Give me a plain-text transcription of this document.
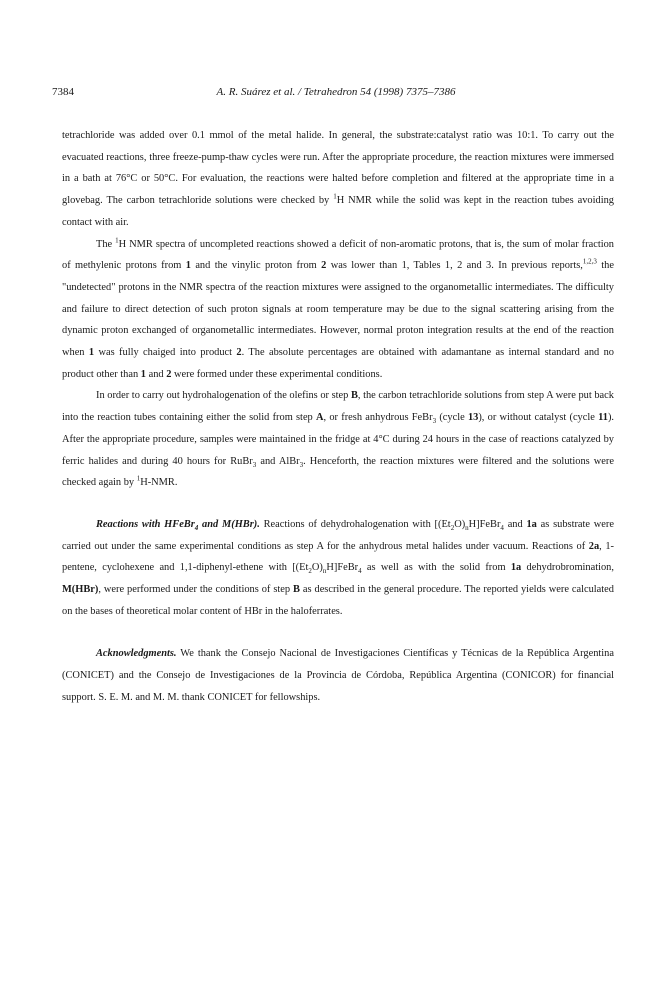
7384	A. R. Suárez et al. / Tetrahedron 54 (1998) 7375–7386

tetrachloride was added over 0.1 mmol of the metal halide. In general, the substrate:catalyst ratio was 10:1. To carry out the evacuated reactions, three freeze-pump-thaw cycles were run. After the appropriate procedure, the reaction mixtures were immersed in a bath at 76°C or 50°C. For evaluation, the reactions were halted before completion and filtered at the appropriate time in a glovebag. The carbon tetrachloride solutions were checked by $^1$H NMR while the solid was kept in the reaction tubes avoiding contact with air.

The $^1$H NMR spectra of uncompleted reactions showed a deficit of non-aromatic protons, that is, the sum of molar fraction of methylenic protons from 1 and the vinylic proton from 2 was lower than 1, Tables 1, 2 and 3. In previous reports,$^{1,2,3}$ the "undetected" protons in the NMR spectra of the reaction mixtures were assigned to the organometallic intermediates. The difficulty and failure to direct detection of such proton signals at room temperature may be due to the signal scattering arising from the dynamic proton exchanged of organometallic intermediates. However, normal proton integration results at the end of the reaction when 1 was fully chaiged into product 2. The absolute percentages are obtained with adamantane as internal standard and no product other than 1 and 2 were formed under these experimental conditions.

In order to carry out hydrohalogenation of the olefins or step B, the carbon tetrachloride solutions from step A were put back into the reaction tubes containing either the solid from step A, or fresh anhydrous FeBr$_3$ (cycle 13), or without catalyst (cycle 11). After the appropriate procedure, samples were maintained in the fridge at 4°C during 24 hours in the case of reactions catalyzed by ferric halides and during 40 hours for RuBr$_3$ and AlBr$_3$. Henceforth, the reaction mixtures were filtered and the solutions were checked again by $^1$H-NMR.

Reactions with HFeBr$_4$ and M(HBr). Reactions of dehydrohalogenation with $[(Et_2O)_nH]FeBr_4$ and 1a as substrate were carried out under the same experimental conditions as step A for the anhydrous metal halides under vacuum. Reactions of 2a, 1-pentene, cyclohexene and 1,1-diphenyl-ethene with $[(Et_2O)_nH]FeBr_4$ as well as with the solid from 1a dehydrobromination, M(HBr), were performed under the conditions of step B as described in the general procedure. The reported yields were calculated on the bases of theoretical molar content of HBr in the haloferrates.

Acknowledgments. We thank the Consejo Nacional de Investigaciones Científicas y Técnicas de la República Argentina (CONICET) and the Consejo de Investigaciones de la Provincia de Córdoba, República Argentina (CONICOR) for financial support. S. E. M. and M. M. thank CONICET for fellowships.
